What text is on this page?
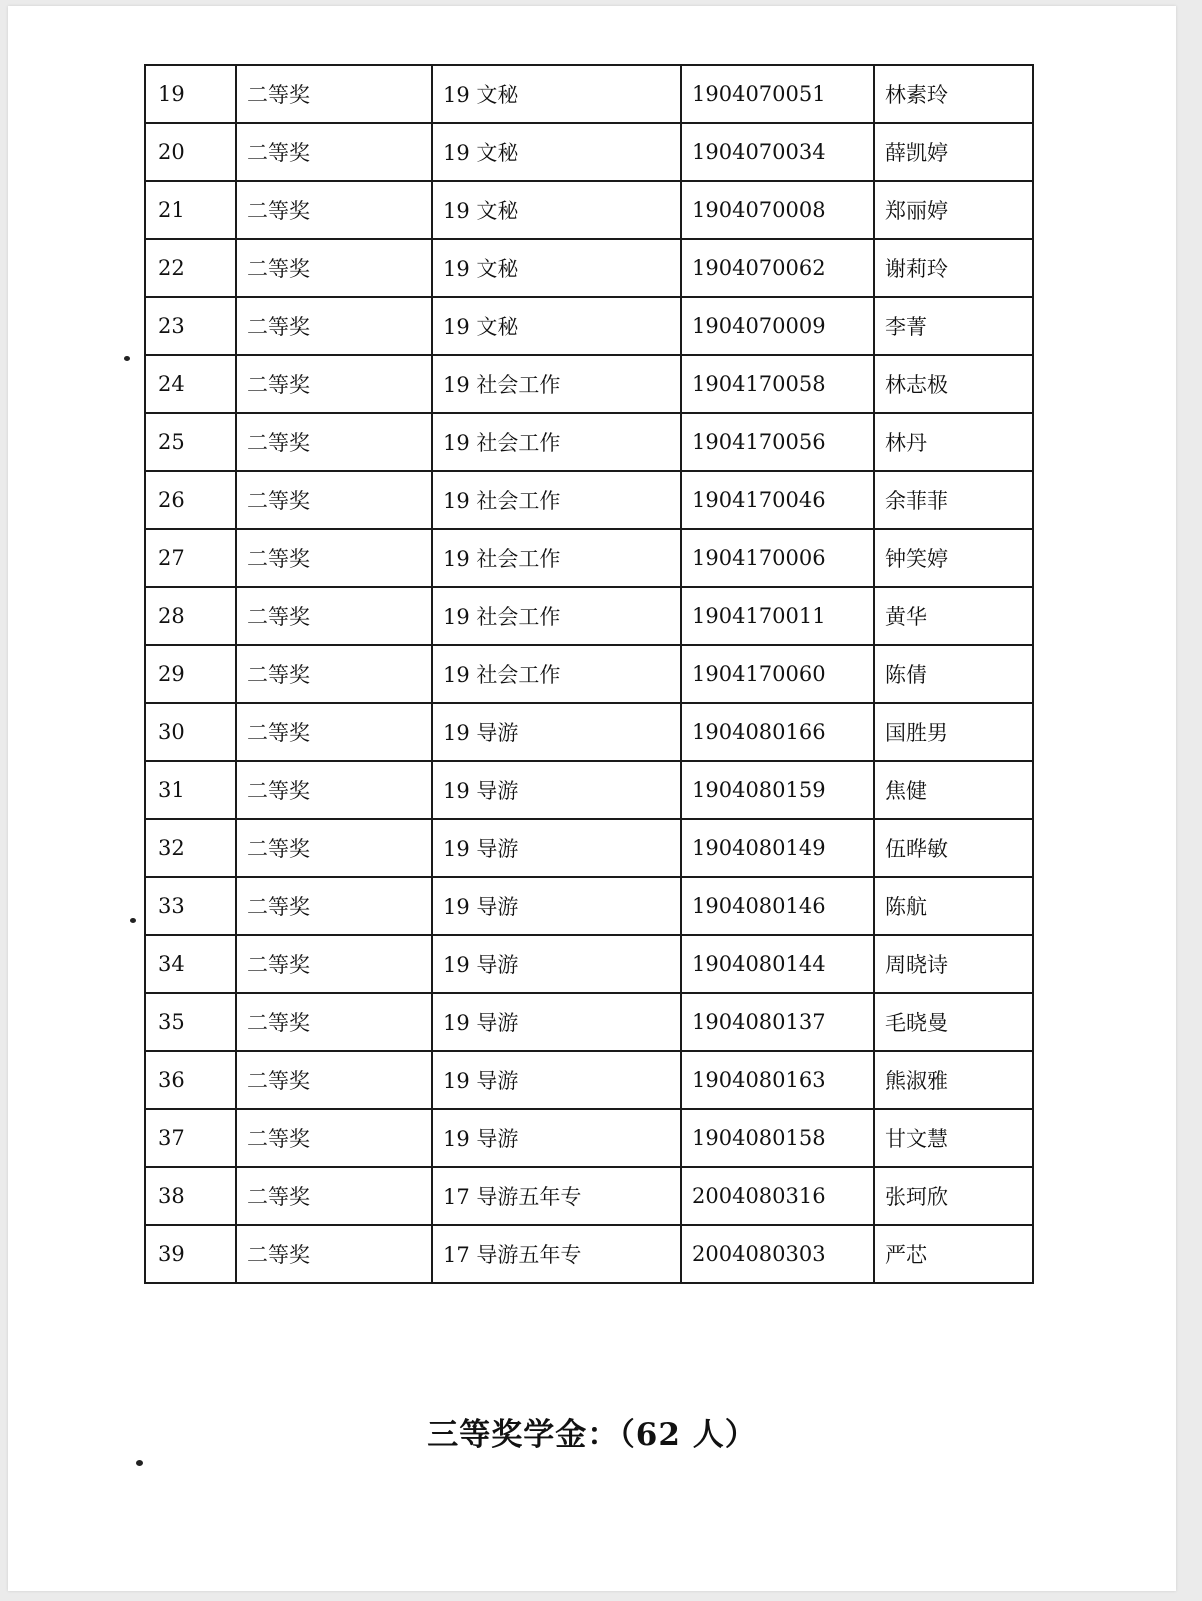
19	二等奖	19 文秘	1904070051	林素玲
20	二等奖	19 文秘	1904070034	薛凯婷
21	二等奖	19 文秘	1904070008	郑丽婷
22	二等奖	19 文秘	1904070062	谢莉玲
23	二等奖	19 文秘	1904070009	李菁
24	二等奖	19 社会工作	1904170058	林志极
25	二等奖	19 社会工作	1904170056	林丹
26	二等奖	19 社会工作	1904170046	余菲菲
27	二等奖	19 社会工作	1904170006	钟笑婷
28	二等奖	19 社会工作	1904170011	黄华
29	二等奖	19 社会工作	1904170060	陈倩
30	二等奖	19 导游	1904080166	国胜男
31	二等奖	19 导游	1904080159	焦健
32	二等奖	19 导游	1904080149	伍晔敏
33	二等奖	19 导游	1904080146	陈航
34	二等奖	19 导游	1904080144	周晓诗
35	二等奖	19 导游	1904080137	毛晓曼
36	二等奖	19 导游	1904080163	熊淑雅
37	二等奖	19 导游	1904080158	甘文慧
38	二等奖	17 导游五年专	2004080316	张珂欣
39	二等奖	17 导游五年专	2004080303	严芯
三等奖学金：（62 人）
